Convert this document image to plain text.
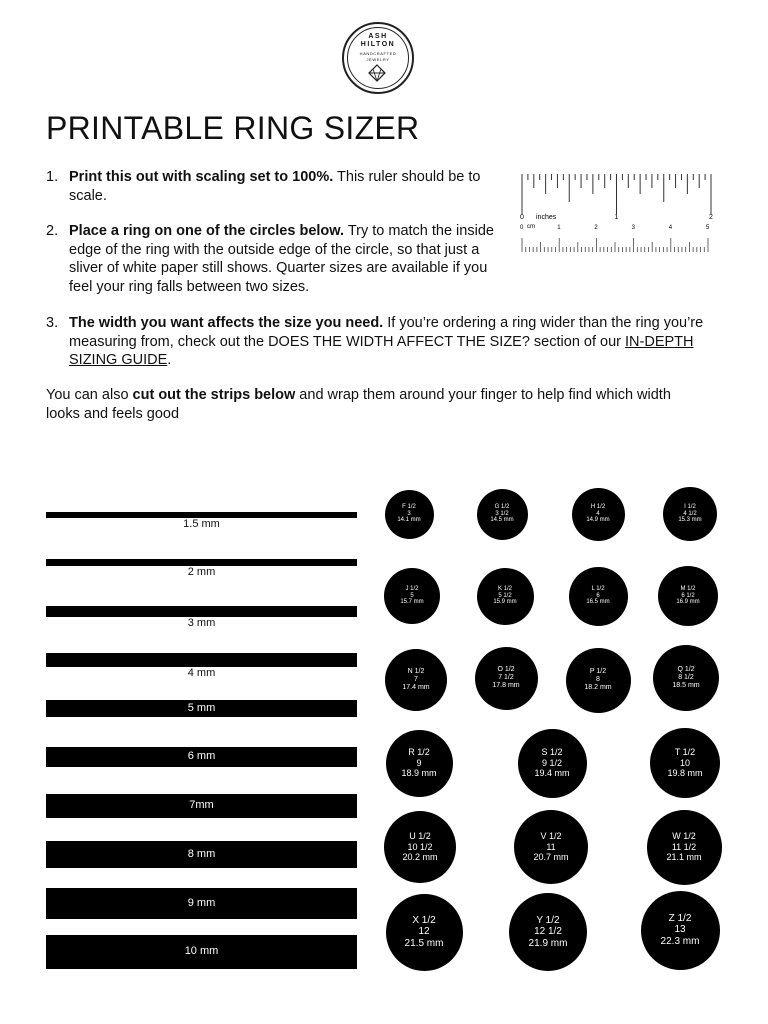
ASH
HILTON
HANDCRAFTED
JEWELRY
PRINTABLE RING SIZER
1. Print this out with scaling set to 100%. This ruler should be to
scale.
2. Place a ring on one of the circles below. Try to match the inside
edge of the ring with the outside edge of the circle, so that just a
sliver of white paper still shows. Quarter sizes are available if you
feel your ring falls between two sizes.
3. The width you want affects the size you need. If you’re ordering a ring wider than the ring you’re
measuring from, check out the DOES THE WIDTH AFFECT THE SIZE? section of our IN-DEPTH
SIZING GUIDE.
You can also cut out the strips below and wrap them around your finger to help find which width looks and feels good
0	1	2
0	1	2	3	4	5
inches
cm
1.5 mm
2 mm
3 mm
4 mm
5 mm
6 mm
7mm
8 mm
9 mm
10 mm
F 1/2
3
14.1 mm
G 1/2
3 1/2
14.5 mm
H 1/2
4
14.9 mm
I 1/2
4 1/2
15.3 mm
J 1/2
5
15.7 mm
K 1/2
5 1/2
15.9 mm
L 1/2
6
16.5 mm
M 1/2
6 1/2
16.9 mm
N 1/2
7
17.4 mm
O 1/2
7 1/2
17.8 mm
P 1/2
8
18.2 mm
Q 1/2
8 1/2
18.5 mm
R 1/2
9
18.9 mm
S 1/2
9 1/2
19.4 mm
T 1/2
10
19.8 mm
U 1/2
10 1/2
20.2 mm
V 1/2
11
20.7 mm
W 1/2
11 1/2
21.1 mm
X 1/2
12
21.5 mm
Y 1/2
12 1/2
21.9 mm
Z 1/2
13
22.3 mm
